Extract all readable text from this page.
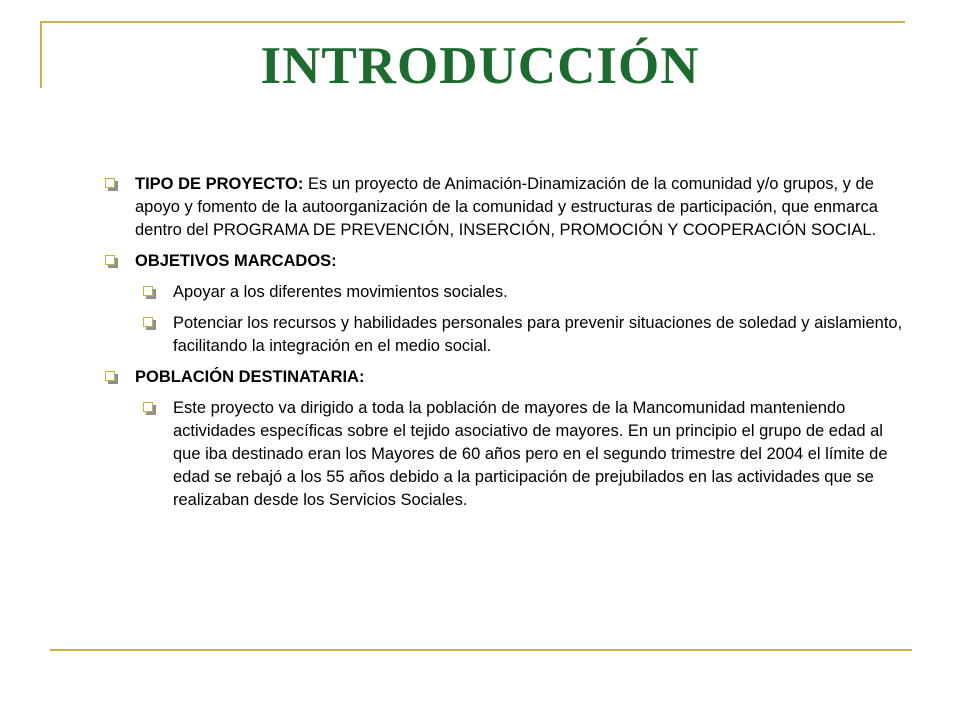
INTRODUCCIÓN
TIPO DE PROYECTO: Es un proyecto de Animación-Dinamización de la comunidad y/o grupos, y de apoyo y fomento de la autoorganización de la comunidad y estructuras de participación, que enmarca dentro del PROGRAMA DE PREVENCIÓN, INSERCIÓN, PROMOCIÓN Y COOPERACIÓN SOCIAL.
OBJETIVOS MARCADOS:
Apoyar a los diferentes movimientos sociales.
Potenciar los recursos y habilidades personales para prevenir situaciones de soledad y aislamiento, facilitando la integración en el medio social.
POBLACIÓN DESTINATARIA:
Este proyecto va dirigido a toda la población de mayores de la Mancomunidad manteniendo actividades específicas sobre el tejido asociativo de mayores. En un principio el grupo de edad al que iba destinado eran los Mayores de 60 años pero en el segundo trimestre del 2004 el límite de edad se rebajó a los 55 años debido a la participación de prejubilados en las actividades que se realizaban desde los Servicios Sociales.
